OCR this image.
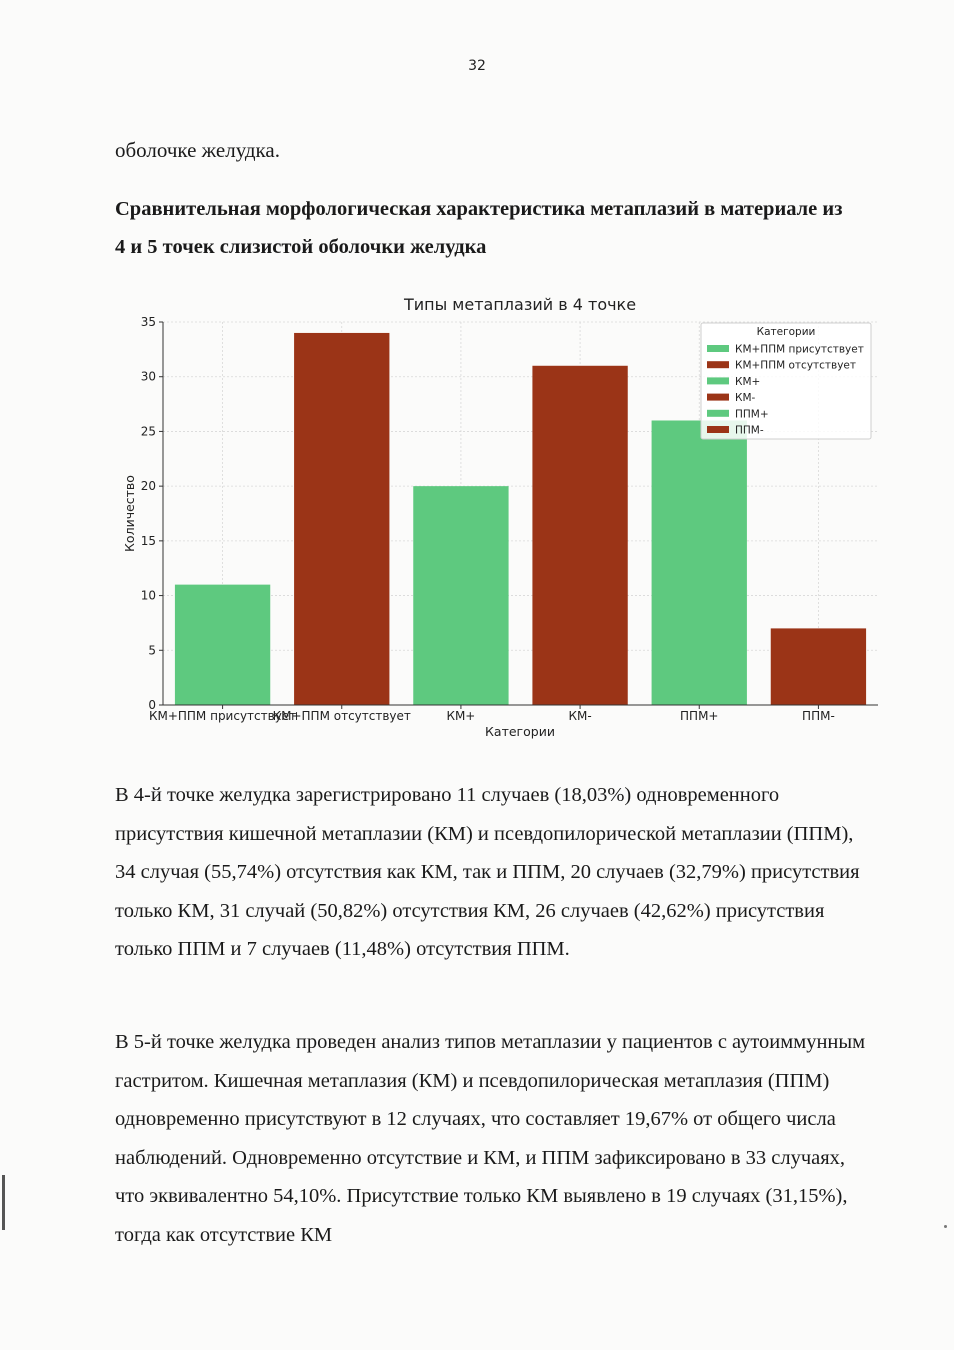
32
оболочке желудка.
Сравнительная морфологическая характеристика метаплазий в материале из 4 и 5 точек слизистой оболочки желудка
Типы метаплазий в 4 точке
Количество
Категории
0
5
10
15
20
25
30
35
КМ+ППМ присутствует
КМ+ППМ отсутствует	КМ+	КМ-	ППМ+	ППМ-
Категории
КМ+ППМ присутствует
КМ+ППМ отсутствует
КМ+
КМ-
ППМ+
ППМ-
В 4-й точке желудка зарегистрировано 11 случаев (18,03%) одновременного присутствия кишечной метаплазии (КМ) и псевдопилорической метаплазии (ППМ), 34 случая (55,74%) отсутствия как КМ, так и ППМ, 20 случаев (32,79%) присутствия только КМ, 31 случай (50,82%) отсутствия КМ, 26 случаев (42,62%) присутствия только ППМ и 7 случаев (11,48%) отсутствия ППМ.
В 5-й точке желудка проведен анализ типов метаплазии у пациентов с аутоиммунным гастритом. Кишечная метаплазия (КМ) и псевдопилорическая метаплазия (ППМ) одновременно присутствуют в 12 случаях, что составляет 19,67% от общего числа наблюдений. Одновременно отсутствие и КМ, и ППМ зафиксировано в 33 случаях, что эквивалентно 54,10%. Присутствие только КМ выявлено в 19 случаях (31,15%), тогда как отсутствие КМ
